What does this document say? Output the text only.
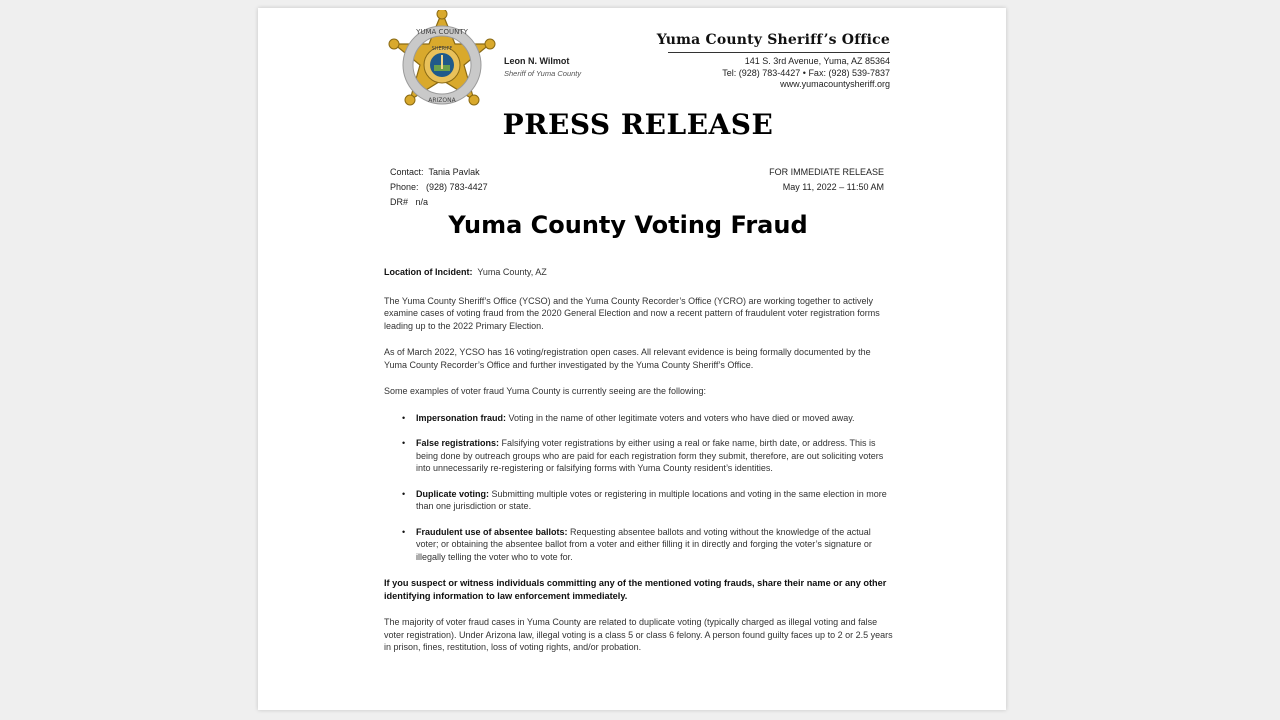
YUMA COUNTY
SHERIFF
ARIZONA
Leon N. Wilmot
Sheriff of Yuma County
Yuma County Sheriff’s Office
141 S. 3rd Avenue, Yuma, AZ 85364
Tel: (928) 783-4427 • Fax: (928) 539-7837
www.yumacountysheriff.org
PRESS RELEASE
Contact: Tania Pavlak
Phone: (928) 783-4427
DR# n/a
FOR IMMEDIATE RELEASE
May 11, 2022 – 11:50 AM
Yuma County Voting Fraud

Location of Incident: Yuma County, AZ

The Yuma County Sheriff’s Office (YCSO) and the Yuma County Recorder’s Office (YCRO) are working together to actively examine cases of voting fraud from the 2020 General Election and now a recent pattern of fraudulent voter registration forms leading up to the 2022 Primary Election.

As of March 2022, YCSO has 16 voting/registration open cases. All relevant evidence is being formally documented by the Yuma County Recorder’s Office and further investigated by the Yuma County Sheriff’s Office.

Some examples of voter fraud Yuma County is currently seeing are the following:

• Impersonation fraud: Voting in the name of other legitimate voters and voters who have died or moved away.
• False registrations: Falsifying voter registrations by either using a real or fake name, birth date, or address. This is being done by outreach groups who are paid for each registration form they submit, therefore, are out soliciting voters into unnecessarily re-registering or falsifying forms with Yuma County resident’s identities.
• Duplicate voting: Submitting multiple votes or registering in multiple locations and voting in the same election in more than one jurisdiction or state.
• Fraudulent use of absentee ballots: Requesting absentee ballots and voting without the knowledge of the actual voter; or obtaining the absentee ballot from a voter and either filling it in directly and forging the voter’s signature or illegally telling the voter who to vote for.

If you suspect or witness individuals committing any of the mentioned voting frauds, share their name or any other identifying information to law enforcement immediately.

The majority of voter fraud cases in Yuma County are related to duplicate voting (typically charged as illegal voting and false voter registration). Under Arizona law, illegal voting is a class 5 or class 6 felony. A person found guilty faces up to 2 or 2.5 years in prison, fines, restitution, loss of voting rights, and/or probation.
